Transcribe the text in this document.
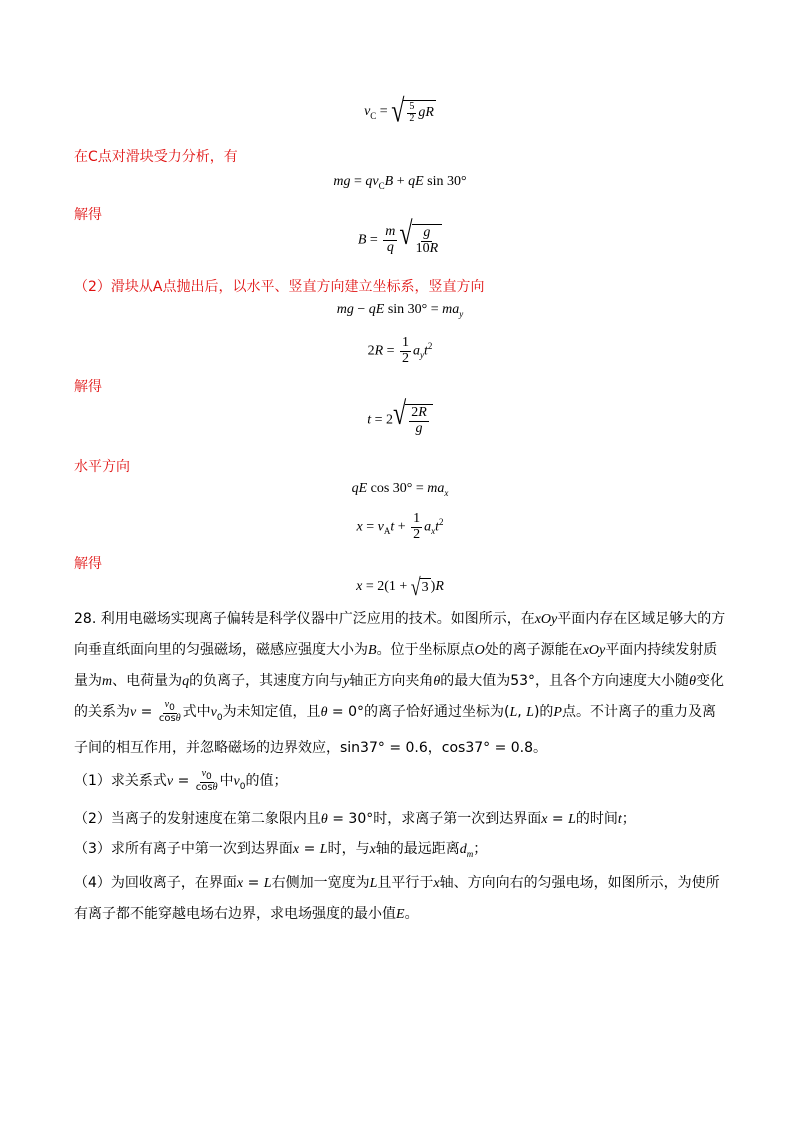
$v_C$ = √ $\frac{5}{2}$ gR
在C点对滑块受力分析，有
mg = $qv_CB$ + qE sin 30°
解得
$B = \frac{m}{q}$ √ $\frac{g}{10R}$
（2）滑块从A点抛出后，以水平、竖直方向建立坐标系，竖直方向
mg − qE $\sin 30^\circ = ma_y$
$2R = \frac{1}{2} a_yt^2$
解得
t = 2 √ $\frac{2R}{g}$
水平方向
qE $\cos 30^\circ = ma_x$
$x = v_At + \frac{1}{2} a_xt^2$
解得
x = 2(1 + √ 3 )R
28. 利用电磁场实现离子偏转是科学仪器中广泛应用的技术。如图所示，在xOy平面内存在区域足够大的方向垂直纸面向里的匀强磁场，磁感应强度大小为B。位于坐标原点O处的离子源能在xOy平面内持续发射质量为m、电荷量为q的负离子，其速度方向与y轴正方向夹角θ的最大值为53°，且各个方向速度大小随θ变化的关系为$v = \frac{v_0}{\cos\theta}$ 式中$v_0$为未知定值，且θ = 0°的离子恰好通过坐标为(L, L)的P点。不计离子的重力及离子间的相互作用，并忽略磁场的边界效应，sin37° = 0.6，cos37° = 0.8。
（1）求关系式$v = \frac{v_0}{\cos\theta}$ 中$v_0$的值；
（2）当离子的发射速度在第二象限内且θ = 30°时，求离子第一次到达界面x = L的时间t；
（3）求所有离子中第一次到达界面x = L时，与x轴的最远距离$d_m$；
（4）为回收离子，在界面x = L右侧加一宽度为L且平行于x轴、方向向右的匀强电场，如图所示，为使所有离子都不能穿越电场右边界，求电场强度的最小值E。
